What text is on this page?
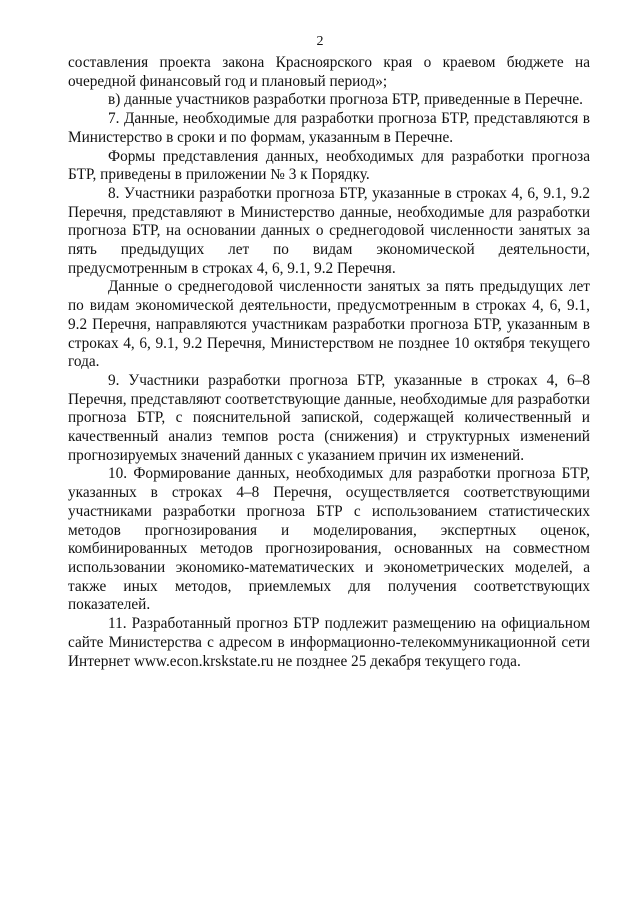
2

составления проекта закона Красноярского края о краевом бюджете на очередной финансовый год и плановый период»;

в) данные участников разработки прогноза БТР, приведенные в Перечне.

7. Данные, необходимые для разработки прогноза БТР, представляются в Министерство в сроки и по формам, указанным в Перечне.

Формы представления данных, необходимых для разработки прогноза БТР, приведены в приложении № 3 к Порядку.

8. Участники разработки прогноза БТР, указанные в строках 4, 6, 9.1, 9.2 Перечня, представляют в Министерство данные, необходимые для разработки прогноза БТР, на основании данных о среднегодовой численности занятых за пять предыдущих лет по видам экономической деятельности, предусмотренным в строках 4, 6, 9.1, 9.2 Перечня.

Данные о среднегодовой численности занятых за пять предыдущих лет по видам экономической деятельности, предусмотренным в строках 4, 6, 9.1, 9.2 Перечня, направляются участникам разработки прогноза БТР, указанным в строках 4, 6, 9.1, 9.2 Перечня, Министерством не позднее 10 октября текущего года.

9. Участники разработки прогноза БТР, указанные в строках 4, 6–8 Перечня, представляют соответствующие данные, необходимые для разработки прогноза БТР, с пояснительной запиской, содержащей количественный и качественный анализ темпов роста (снижения) и структурных изменений прогнозируемых значений данных с указанием причин их изменений.

10. Формирование данных, необходимых для разработки прогноза БТР, указанных в строках 4–8 Перечня, осуществляется соответствующими участниками разработки прогноза БТР с использованием статистических методов прогнозирования и моделирования, экспертных оценок, комбинированных методов прогнозирования, основанных на совместном использовании экономико-математических и эконометрических моделей, а также иных методов, приемлемых для получения соответствующих показателей.

11. Разработанный прогноз БТР подлежит размещению на официальном сайте Министерства с адресом в информационно-телекоммуникационной сети Интернет www.econ.krskstate.ru не позднее 25 декабря текущего года.
